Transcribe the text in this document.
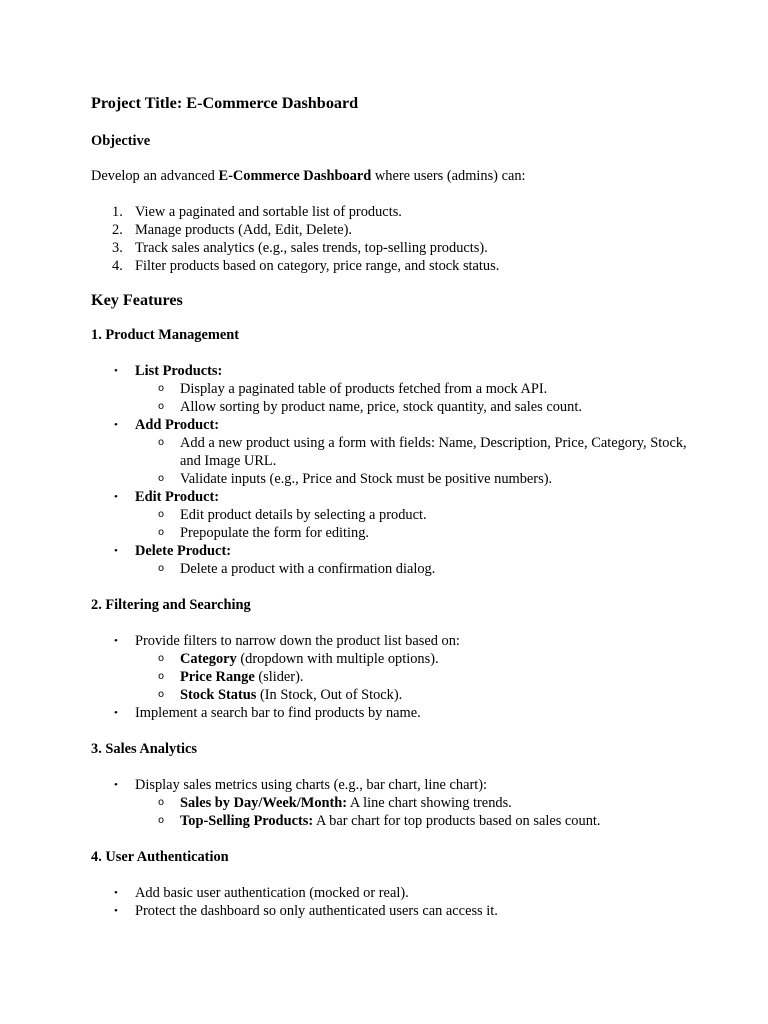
Project Title: E-Commerce Dashboard
Objective
Develop an advanced E-Commerce Dashboard where users (admins) can:
1. View a paginated and sortable list of products.
2. Manage products (Add, Edit, Delete).
3. Track sales analytics (e.g., sales trends, top-selling products).
4. Filter products based on category, price range, and stock status.
Key Features
1. Product Management
• List Products:
o Display a paginated table of products fetched from a mock API.
o Allow sorting by product name, price, stock quantity, and sales count.
• Add Product:
o Add a new product using a form with fields: Name, Description, Price, Category, Stock, and Image URL.
o Validate inputs (e.g., Price and Stock must be positive numbers).
• Edit Product:
o Edit product details by selecting a product.
o Prepopulate the form for editing.
• Delete Product:
o Delete a product with a confirmation dialog.
2. Filtering and Searching
• Provide filters to narrow down the product list based on:
o Category (dropdown with multiple options).
o Price Range (slider).
o Stock Status (In Stock, Out of Stock).
• Implement a search bar to find products by name.
3. Sales Analytics
• Display sales metrics using charts (e.g., bar chart, line chart):
o Sales by Day/Week/Month: A line chart showing trends.
o Top-Selling Products: A bar chart for top products based on sales count.
4. User Authentication
• Add basic user authentication (mocked or real).
• Protect the dashboard so only authenticated users can access it.
